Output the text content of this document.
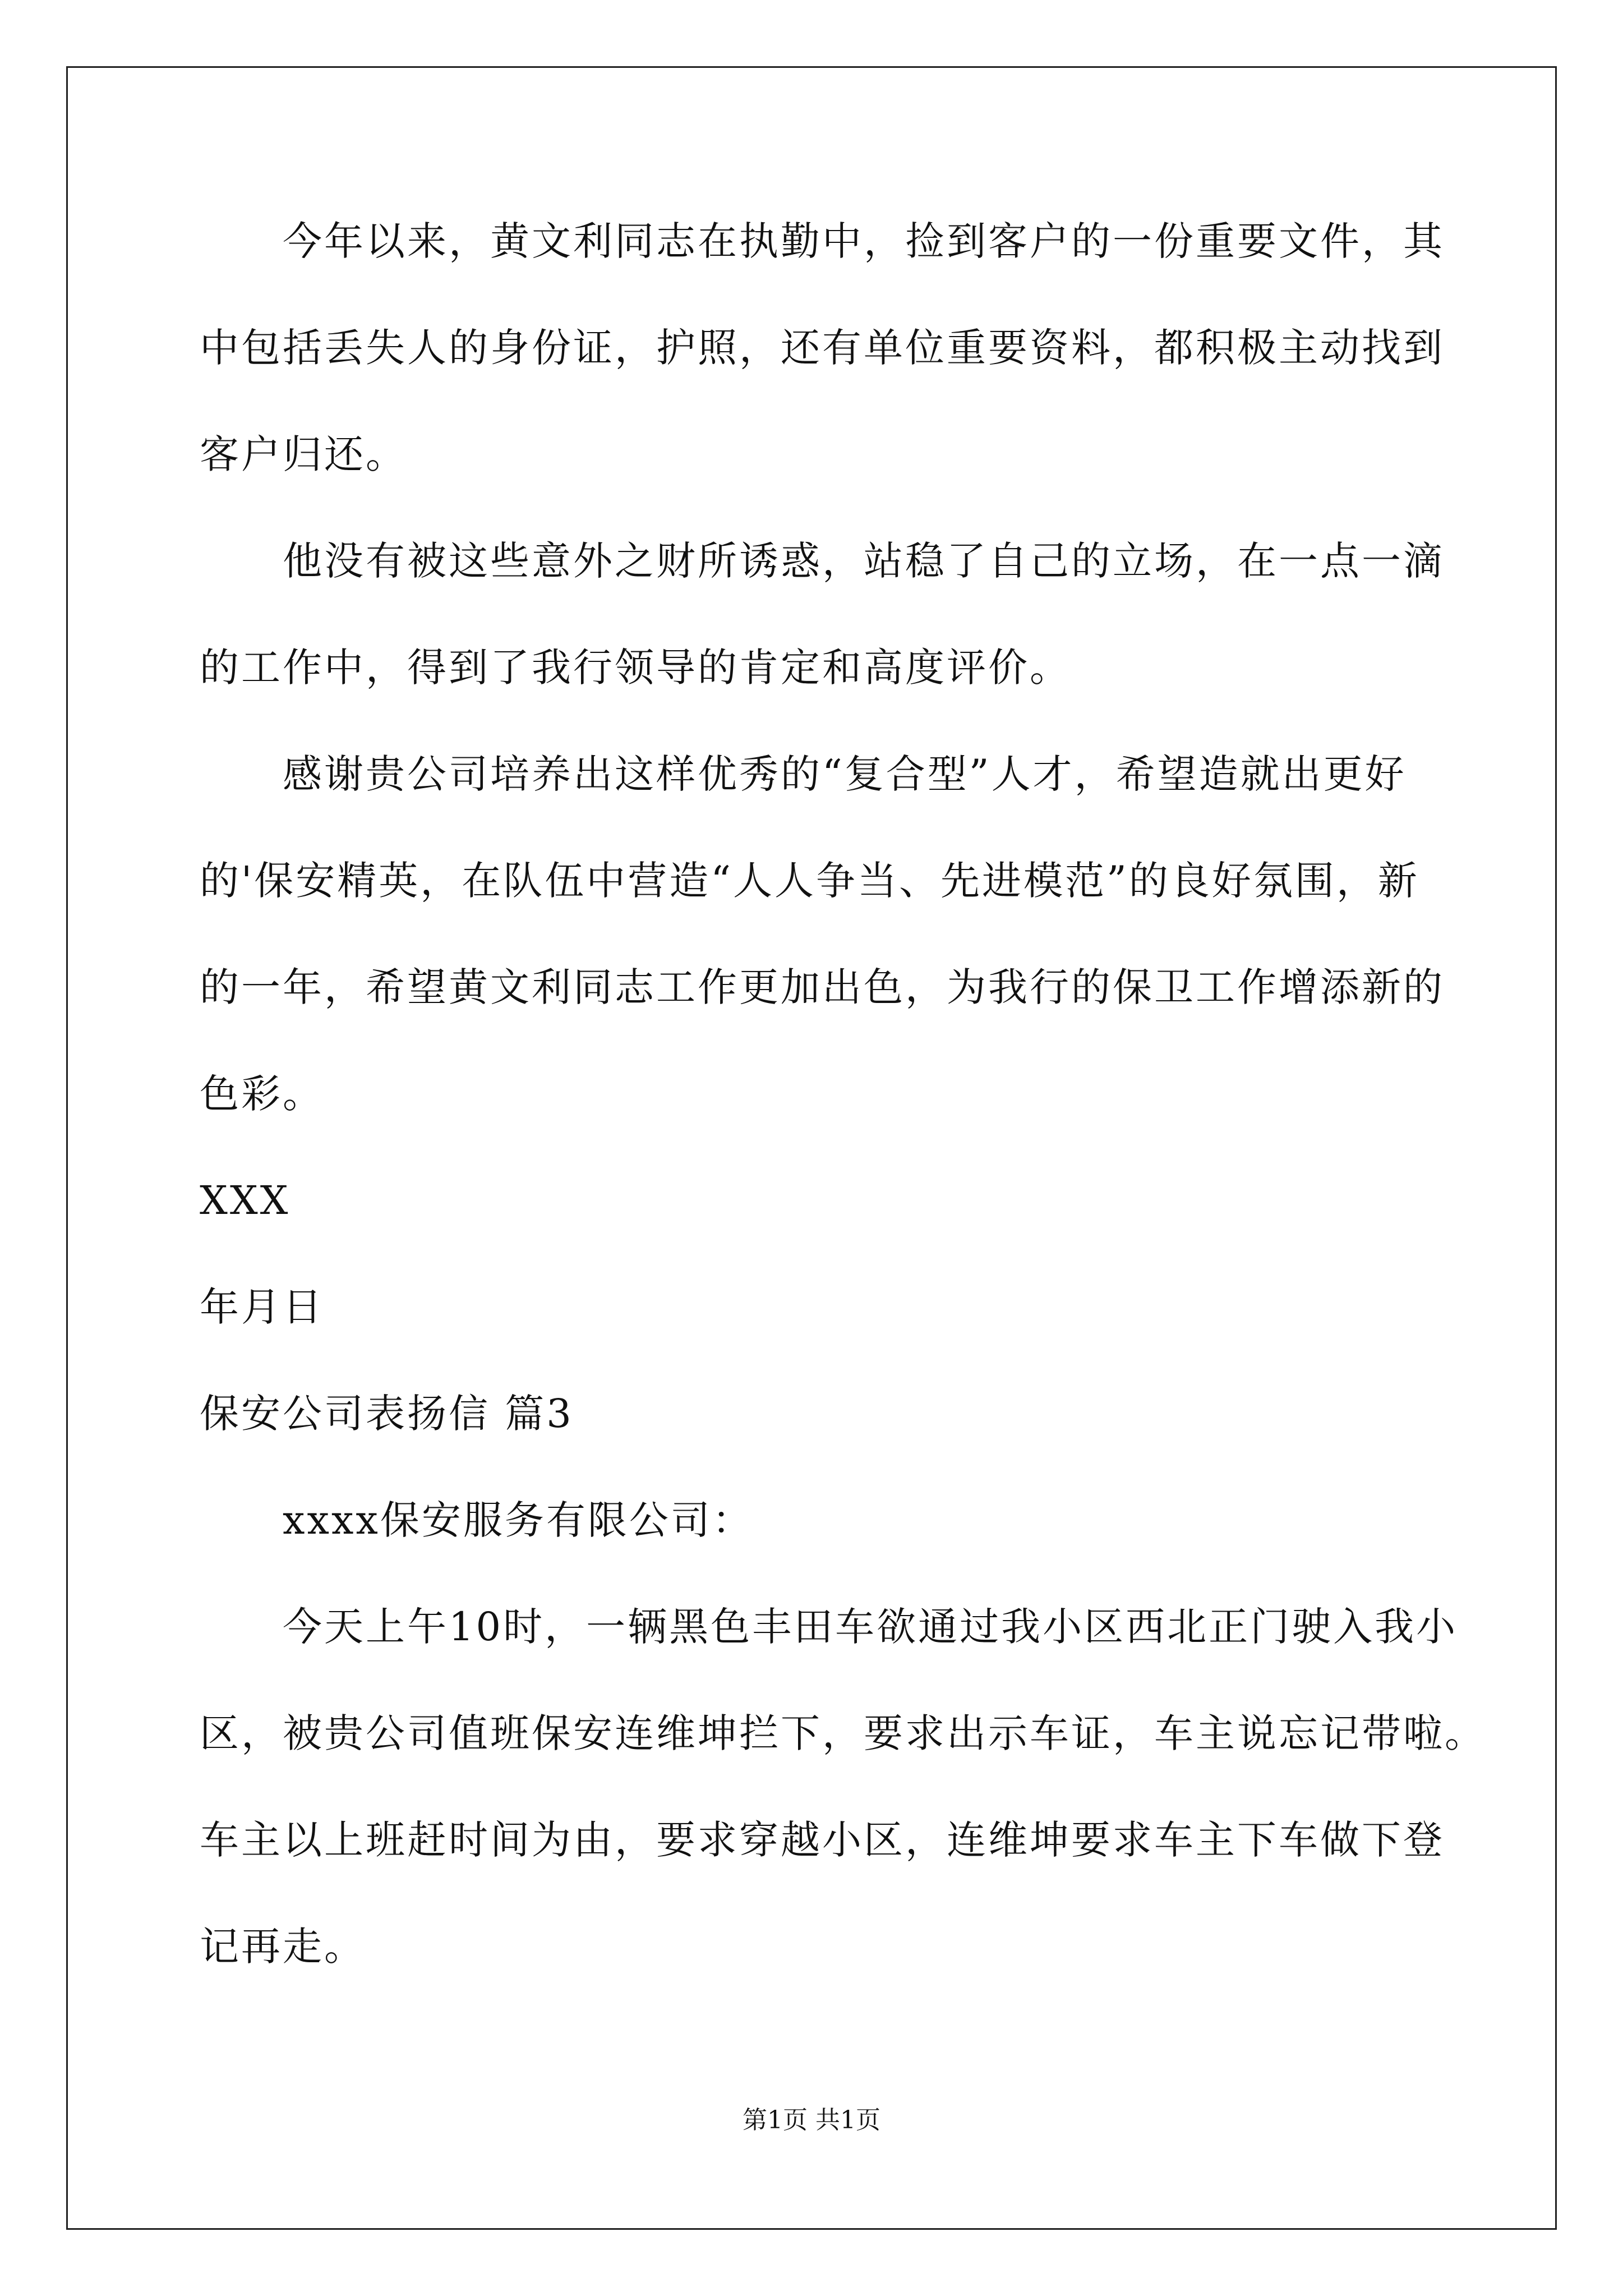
今年以来，黄文利同志在执勤中，捡到客户的一份重要文件，其
中包括丢失人的身份证，护照，还有单位重要资料，都积极主动找到
客户归还。
他没有被这些意外之财所诱惑，站稳了自己的立场，在一点一滴
的工作中，得到了我行领导的肯定和高度评价。
感谢贵公司培养出这样优秀的“复合型”人才，希望造就出更好
的'保安精英，在队伍中营造“人人争当、先进模范”的良好氛围，新
的一年，希望黄文利同志工作更加出色，为我行的保卫工作增添新的
色彩。
XXX
年月日
保安公司表扬信 篇3
xxxx保安服务有限公司：
今天上午10时，一辆黑色丰田车欲通过我小区西北正门驶入我小
区，被贵公司值班保安连维坤拦下，要求出示车证，车主说忘记带啦。
车主以上班赶时间为由，要求穿越小区，连维坤要求车主下车做下登
记再走。
第1页 共1页
